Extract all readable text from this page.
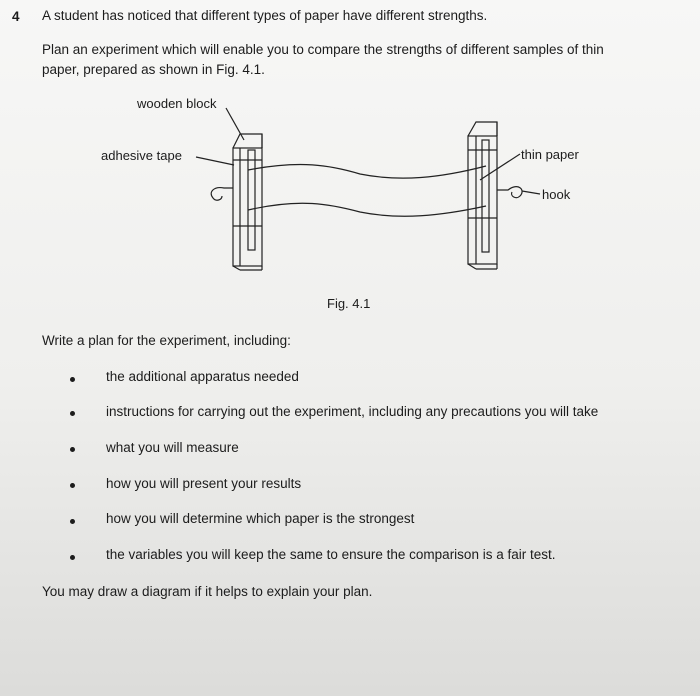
4 A student has noticed that different types of paper have different strengths.
Plan an experiment which will enable you to compare the strengths of different samples of thin
paper, prepared as shown in Fig. 4.1.
wooden block
adhesive tape	thin paper
hook
Fig. 4.1
Write a plan for the experiment, including:
the additional apparatus needed
instructions for carrying out the experiment, including any precautions you will take
what you will measure
how you will present your results
how you will determine which paper is the strongest
the variables you will keep the same to ensure the comparison is a fair test.
You may draw a diagram if it helps to explain your plan.
